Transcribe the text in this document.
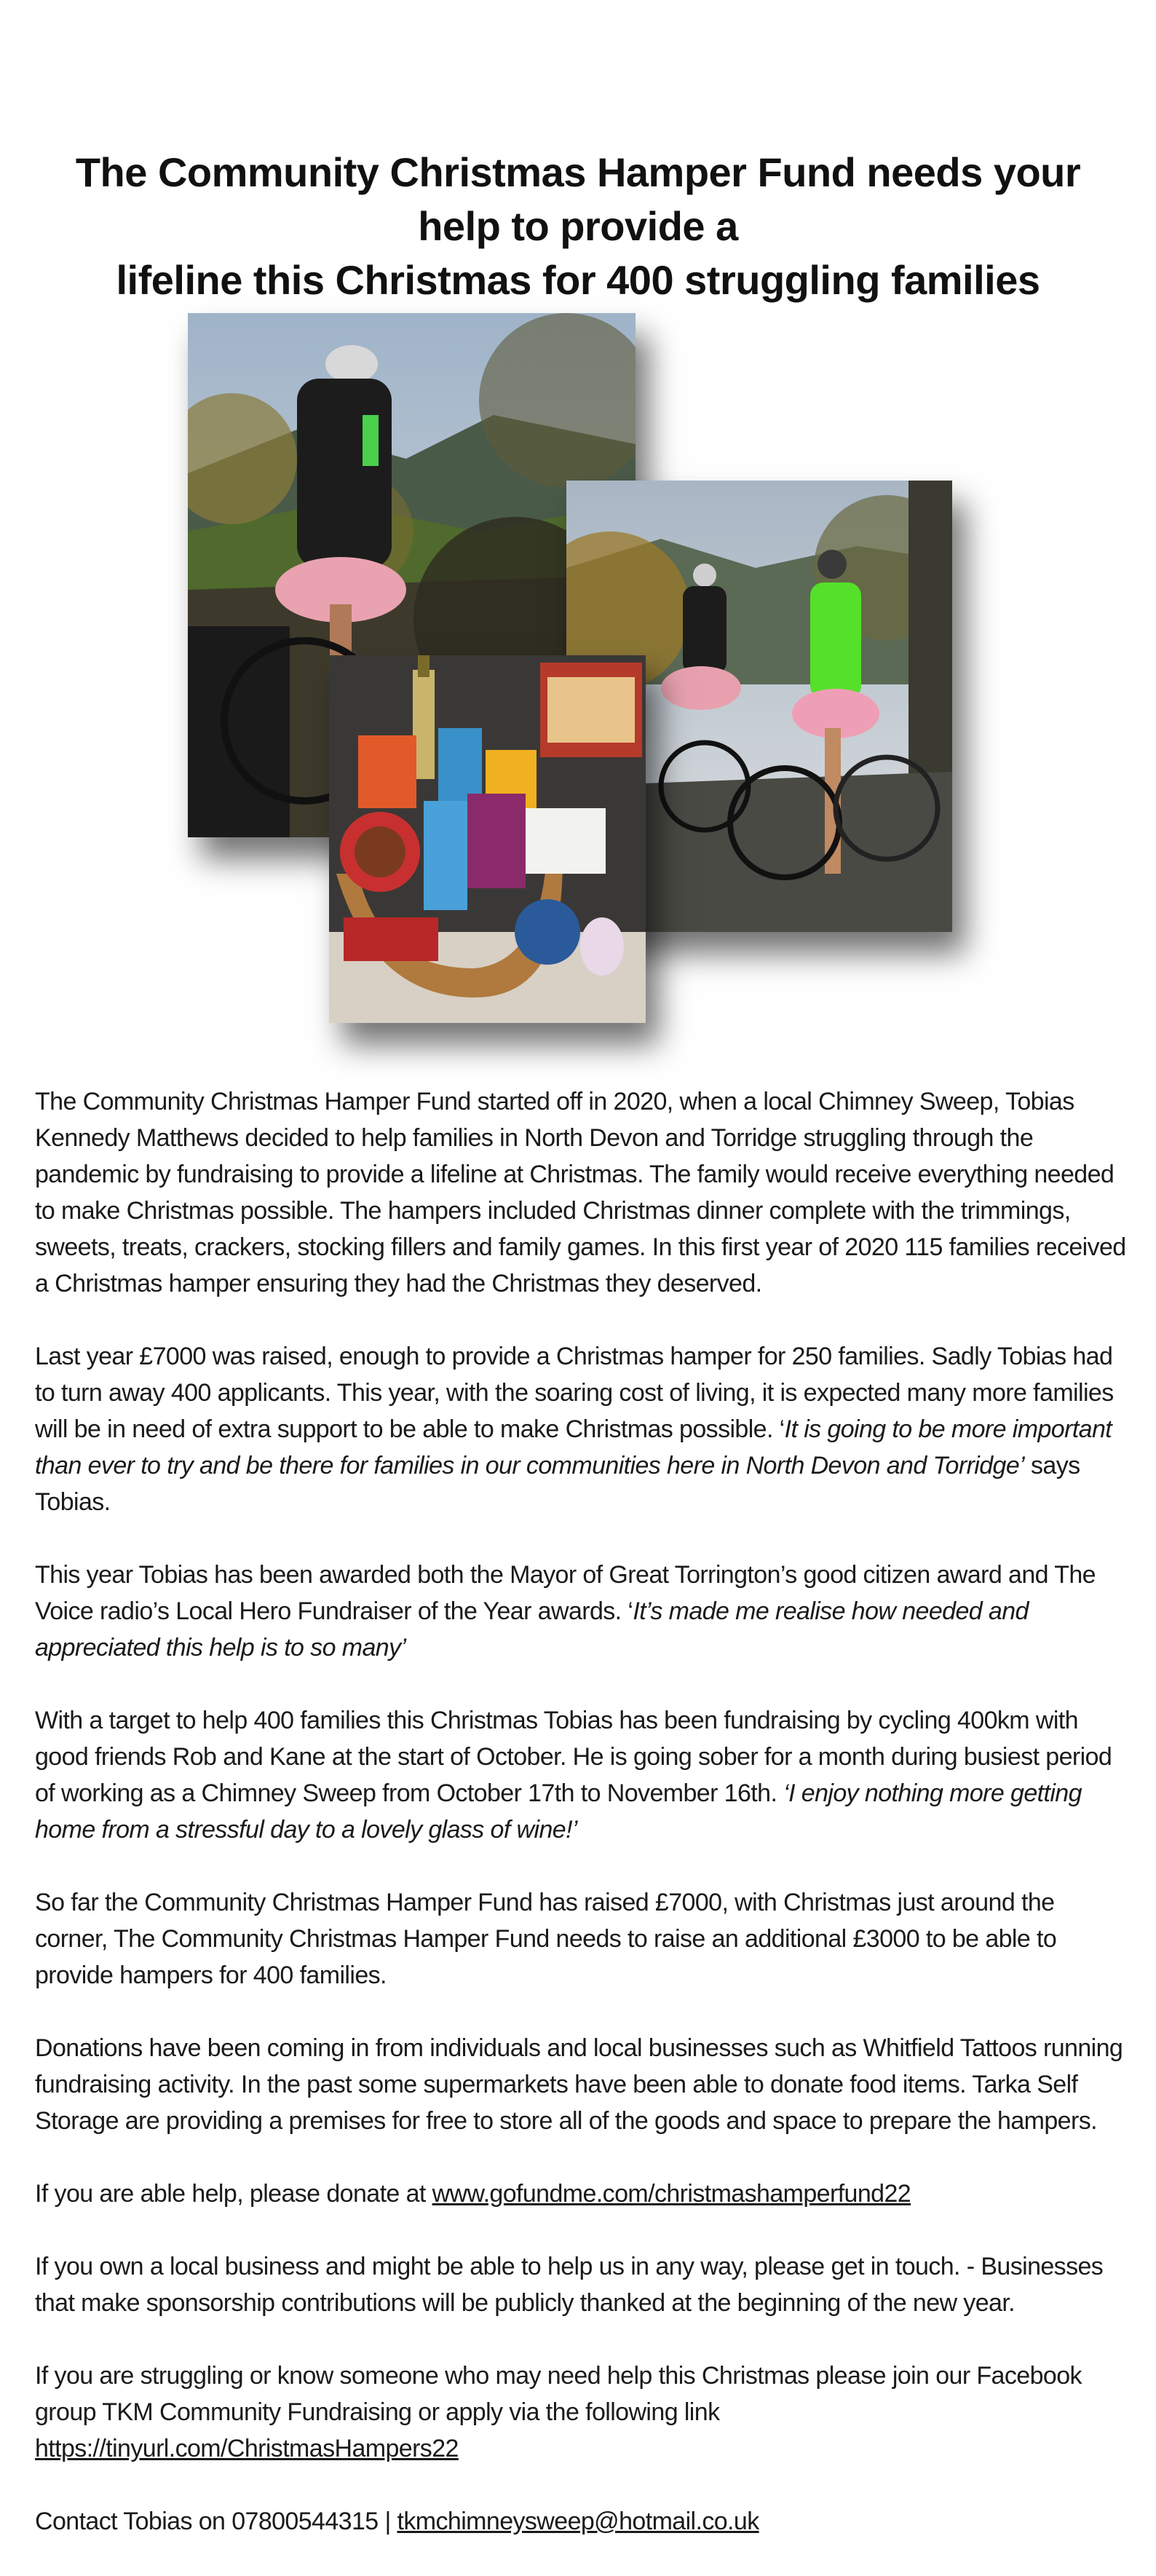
The Community Christmas Hamper Fund needs your help to provide a
lifeline this Christmas for 400 struggling families

The Community Christmas Hamper Fund started off in 2020, when a local Chimney Sweep, Tobias Kennedy Matthews decided to help families in North Devon and Torridge struggling through the pandemic by fundraising to provide a lifeline at Christmas. The family would receive everything needed to make Christmas possible. The hampers included Christmas dinner complete with the trimmings, sweets, treats, crackers, stocking fillers and family games. In this first year of 2020 115 families received a Christmas hamper ensuring they had the Christmas they deserved.

Last year £7000 was raised, enough to provide a Christmas hamper for 250 families. Sadly Tobias had to turn away 400 applicants. This year, with the soaring cost of living, it is expected many more families will be in need of extra support to be able to make Christmas possible. ‘It is going to be more important than ever to try and be there for families in our communities here in North Devon and Torridge’ says Tobias.

This year Tobias has been awarded both the Mayor of Great Torrington’s good citizen award and The Voice radio’s Local Hero Fundraiser of the Year awards. ‘It’s made me realise how needed and appreciated this help is to so many’

With a target to help 400 families this Christmas Tobias has been fundraising by cycling 400km with good friends Rob and Kane at the start of October. He is going sober for a month during busiest period of working as a Chimney Sweep from October 17th to November 16th. ‘I enjoy nothing more getting home from a stressful day to a lovely glass of wine!’

So far the Community Christmas Hamper Fund has raised £7000, with Christmas just around the corner, The Community Christmas Hamper Fund needs to raise an additional £3000 to be able to provide hampers for 400 families.

Donations have been coming in from individuals and local businesses such as Whitfield Tattoos running fundraising activity. In the past some supermarkets have been able to donate food items. Tarka Self Storage are providing a premises for free to store all of the goods and space to prepare the hampers.

If you are able help, please donate at www.gofundme.com/christmashamperfund22

If you own a local business and might be able to help us in any way, please get in touch. - Businesses that make sponsorship contributions will be publicly thanked at the beginning of the new year.

If you are struggling or know someone who may need help this Christmas please join our Facebook group TKM Community Fundraising or apply via the following link https://tinyurl.com/ChristmasHampers22

Contact Tobias on 07800544315 | tkmchimneysweep@hotmail.co.uk
